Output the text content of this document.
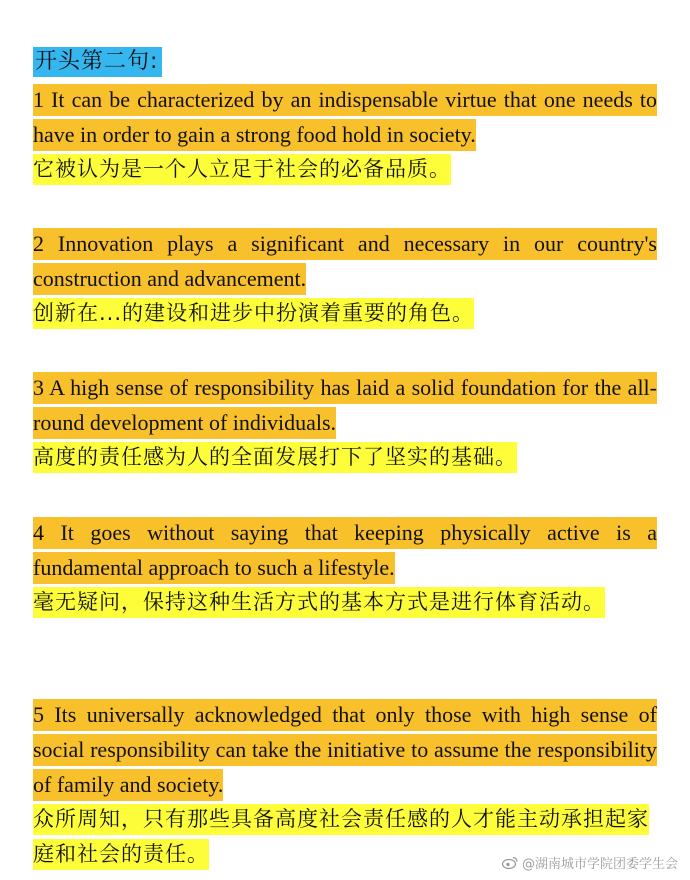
开头第二句:

1 It can be characterized by an indispensable virtue that one needs to have in order to gain a strong food hold in society.

它被认为是一个人立足于社会的必备品质。

2 Innovation plays a significant and necessary in our country's construction and advancement.

创新在...的建设和进步中扮演着重要的角色。

3 A high sense of responsibility has laid a solid foundation for the all-round development of individuals.

高度的责任感为人的全面发展打下了坚实的基础。

4 It goes without saying that keeping physically active is a fundamental approach to such a lifestyle.

毫无疑问，保持这种生活方式的基本方式是进行体育活动。

5 Its universally acknowledged that only those with high sense of social responsibility can take the initiative to assume the responsibility of family and society.

众所周知，只有那些具备高度社会责任感的人才能主动承担起家庭和社会的责任。	@湖南城市学院团委学生会
